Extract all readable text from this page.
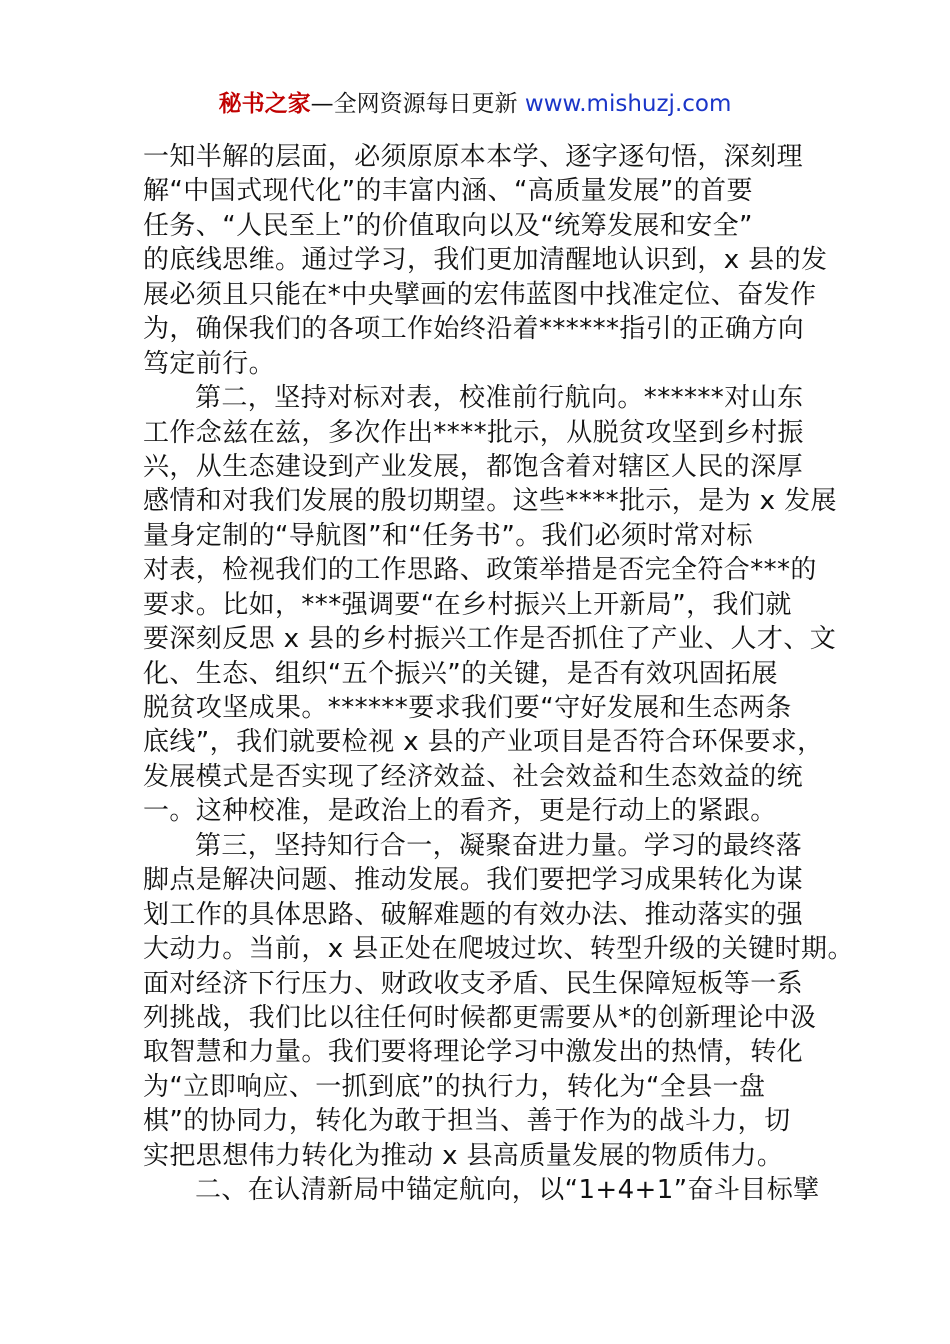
秘书之家—全网资源每日更新 www.mishuzj.com
一知半解的层面，必须原原本本学、逐字逐句悟，深刻理
解“中国式现代化”的丰富内涵、“高质量发展”的首要
任务、“人民至上”的价值取向以及“统筹发展和安全”
的底线思维。通过学习，我们更加清醒地认识到，x 县的发
展必须且只能在*中央擘画的宏伟蓝图中找准定位、奋发作
为，确保我们的各项工作始终沿着******指引的正确方向
笃定前行。
第二，坚持对标对表，校准前行航向。******对山东
工作念兹在兹，多次作出****批示，从脱贫攻坚到乡村振
兴，从生态建设到产业发展，都饱含着对辖区人民的深厚
感情和对我们发展的殷切期望。这些****批示，是为 x 发展
量身定制的“导航图”和“任务书”。我们必须时常对标
对表，检视我们的工作思路、政策举措是否完全符合***的
要求。比如，***强调要“在乡村振兴上开新局”，我们就
要深刻反思 x 县的乡村振兴工作是否抓住了产业、人才、文
化、生态、组织“五个振兴”的关键，是否有效巩固拓展
脱贫攻坚成果。******要求我们要“守好发展和生态两条
底线”，我们就要检视 x 县的产业项目是否符合环保要求，
发展模式是否实现了经济效益、社会效益和生态效益的统
一。这种校准，是政治上的看齐，更是行动上的紧跟。
第三，坚持知行合一，凝聚奋进力量。学习的最终落
脚点是解决问题、推动发展。我们要把学习成果转化为谋
划工作的具体思路、破解难题的有效办法、推动落实的强
大动力。当前，x 县正处在爬坡过坎、转型升级的关键时期。
面对经济下行压力、财政收支矛盾、民生保障短板等一系
列挑战，我们比以往任何时候都更需要从*的创新理论中汲
取智慧和力量。我们要将理论学习中激发出的热情，转化
为“立即响应、一抓到底”的执行力，转化为“全县一盘
棋”的协同力，转化为敢于担当、善于作为的战斗力，切
实把思想伟力转化为推动 x 县高质量发展的物质伟力。
二、在认清新局中锚定航向，以“1+4+1”奋斗目标擘
